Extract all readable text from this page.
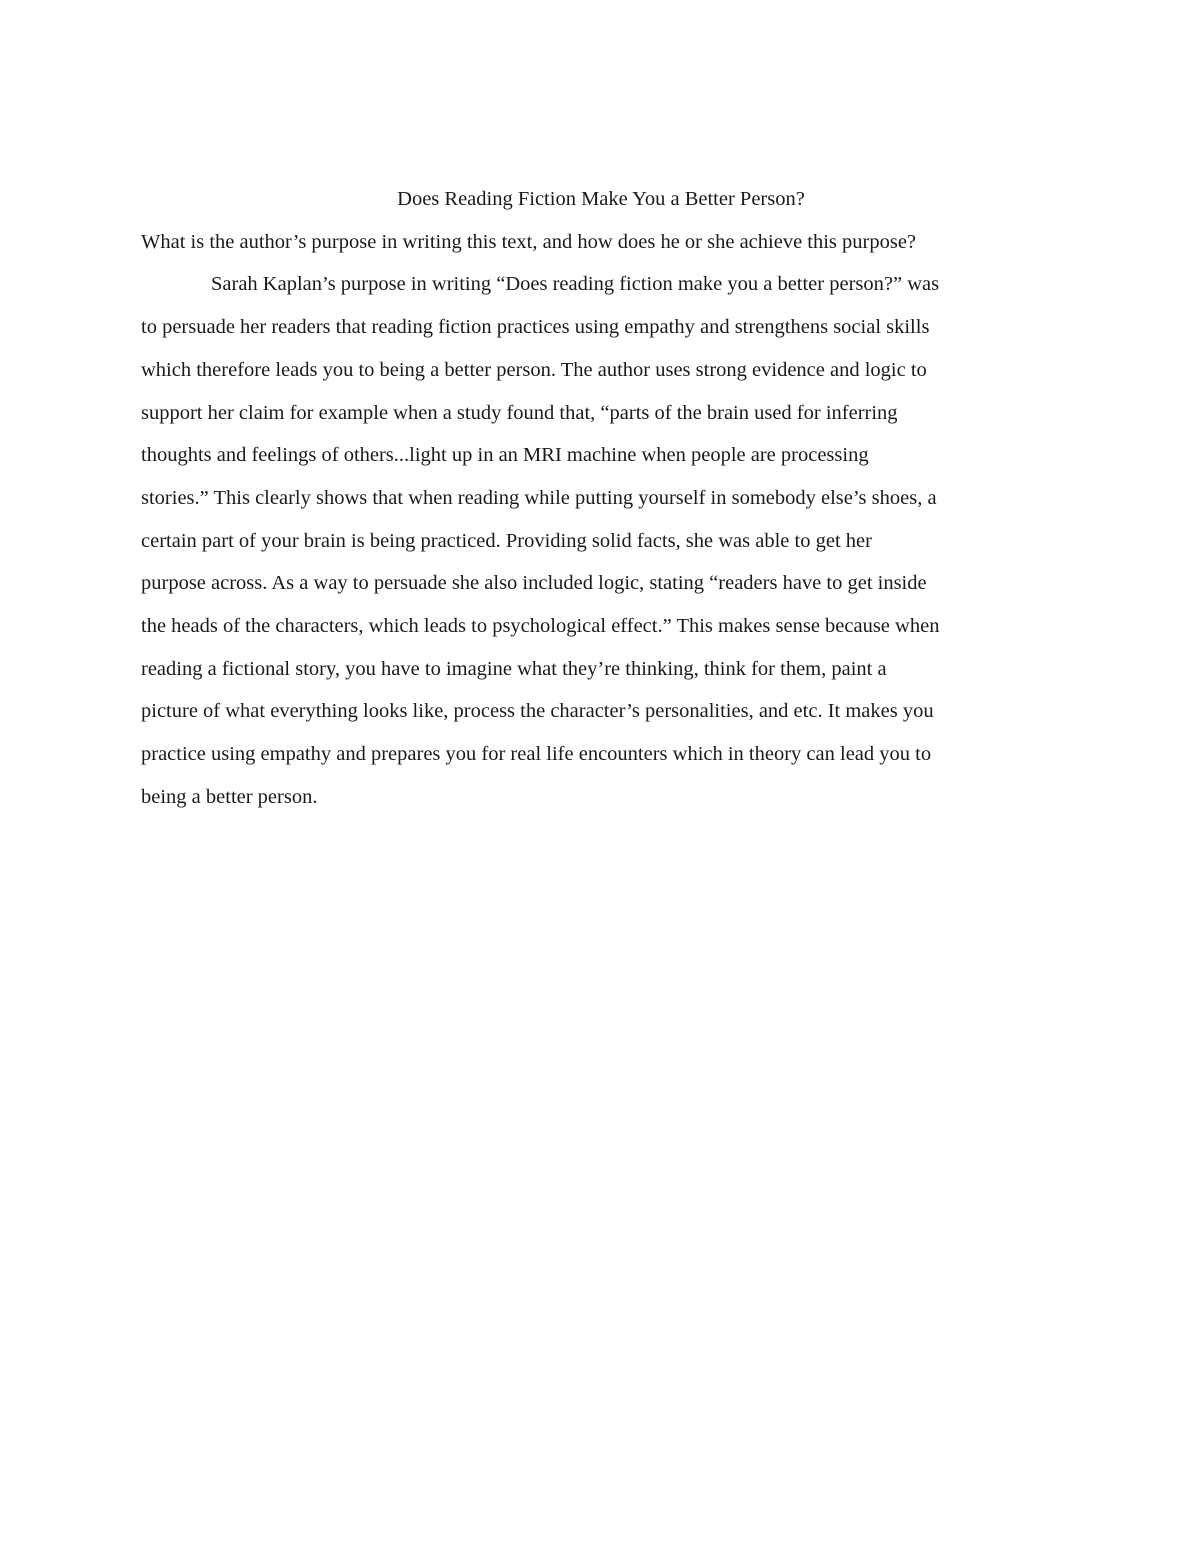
Does Reading Fiction Make You a Better Person?

What is the author’s purpose in writing this text, and how does he or she achieve this purpose?

Sarah Kaplan’s purpose in writing “Does reading fiction make you a better person?” was

to persuade her readers that reading fiction practices using empathy and strengthens social skills

which therefore leads you to being a better person. The author uses strong evidence and logic to

support her claim for example when a study found that, “parts of the brain used for inferring

thoughts and feelings of others...light up in an MRI machine when people are processing

stories.” This clearly shows that when reading while putting yourself in somebody else’s shoes, a

certain part of your brain is being practiced. Providing solid facts, she was able to get her

purpose across. As a way to persuade she also included logic, stating “readers have to get inside

the heads of the characters, which leads to psychological effect.” This makes sense because when

reading a fictional story, you have to imagine what they’re thinking, think for them, paint a

picture of what everything looks like, process the character’s personalities, and etc. It makes you

practice using empathy and prepares you for real life encounters which in theory can lead you to

being a better person.
